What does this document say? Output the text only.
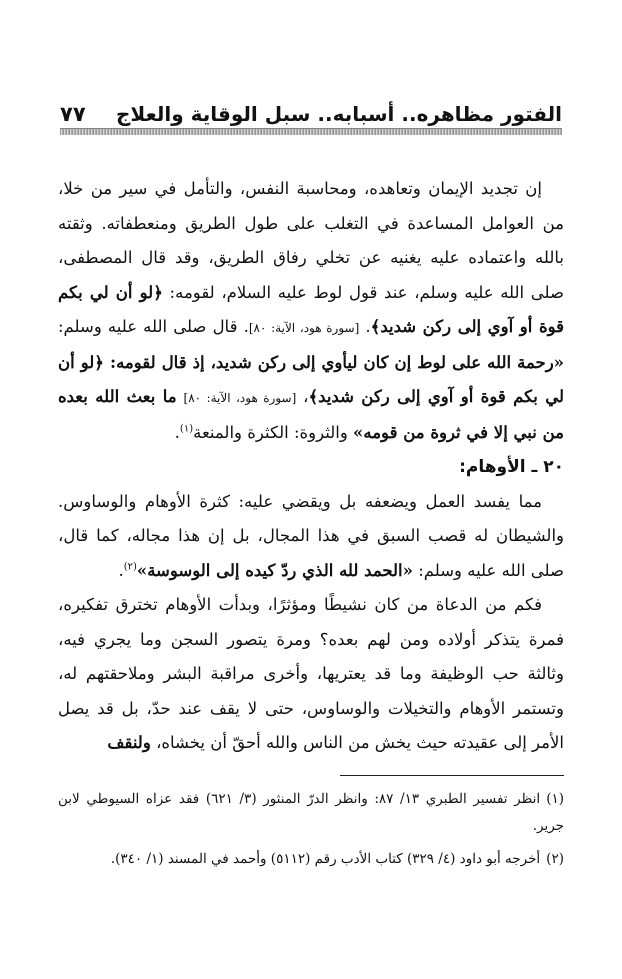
الفتور مظاهره.. أسبابه.. سبل الوقاية والعلاج
٧٧

إن تجديد الإيمان وتعاهده، ومحاسبة النفس، والتأمل في سير من خلا، من العوامل المساعدة في التغلب على طول الطريق ومنعطفاته. وثقته بالله واعتماده عليه يغنيه عن تخلي رفاق الطريق، وقد قال المصطفى، صلى الله عليه وسلم، عند قول لوط عليه السلام، لقومه: ﴿لو أن لي بكم قوة أو آوي إلى ركن شديد﴾. [سورة هود، الآية: ٨٠]. قال صلى الله عليه وسلم: «رحمة الله على لوط إن كان ليأوي إلى ركن شديد، إذ قال لقومه: ﴿لو أن لي بكم قوة أو آوي إلى ركن شديد﴾، [سورة هود، الآية: ٨٠] ما بعث الله بعده من نبي إلا في ثروة من قومه» والثروة: الكثرة والمنعة$^{(١)}$.

٢٠ ـ الأوهام:

مما يفسد العمل ويضعفه بل ويقضي عليه: كثرة الأوهام والوساوس. والشيطان له قصب السبق في هذا المجال، بل إن هذا مجاله، كما قال، صلى الله عليه وسلم: «الحمد لله الذي ردّ كيده إلى الوسوسة»$^{(٢)}$.

فكم من الدعاة من كان نشيطًا ومؤثرًا، وبدأت الأوهام تخترق تفكيره، فمرة يتذكر أولاده ومن لهم بعده؟ ومرة يتصور السجن وما يجري فيه، وثالثة حب الوظيفة وما قد يعتريها، وأخرى مراقبة البشر وملاحقتهم له، وتستمر الأوهام والتخيلات والوساوس، حتى لا يقف عند حدّ، بل قد يصل الأمر إلى عقيدته حيث يخش من الناس والله أحقّ أن يخشاه، ولنقف

(١)انظر تفسير الطبري ١٣/ ٨٧: وانظر الدرّ المنثور (٣/ ٦٢١) فقد عزاه السيوطي لابن جرير.

(٢)أخرجه أبو داود (٤/ ٣٢٩) كتاب الأدب رقم (٥١١٢) وأحمد في المسند (١/ ٣٤٠).
